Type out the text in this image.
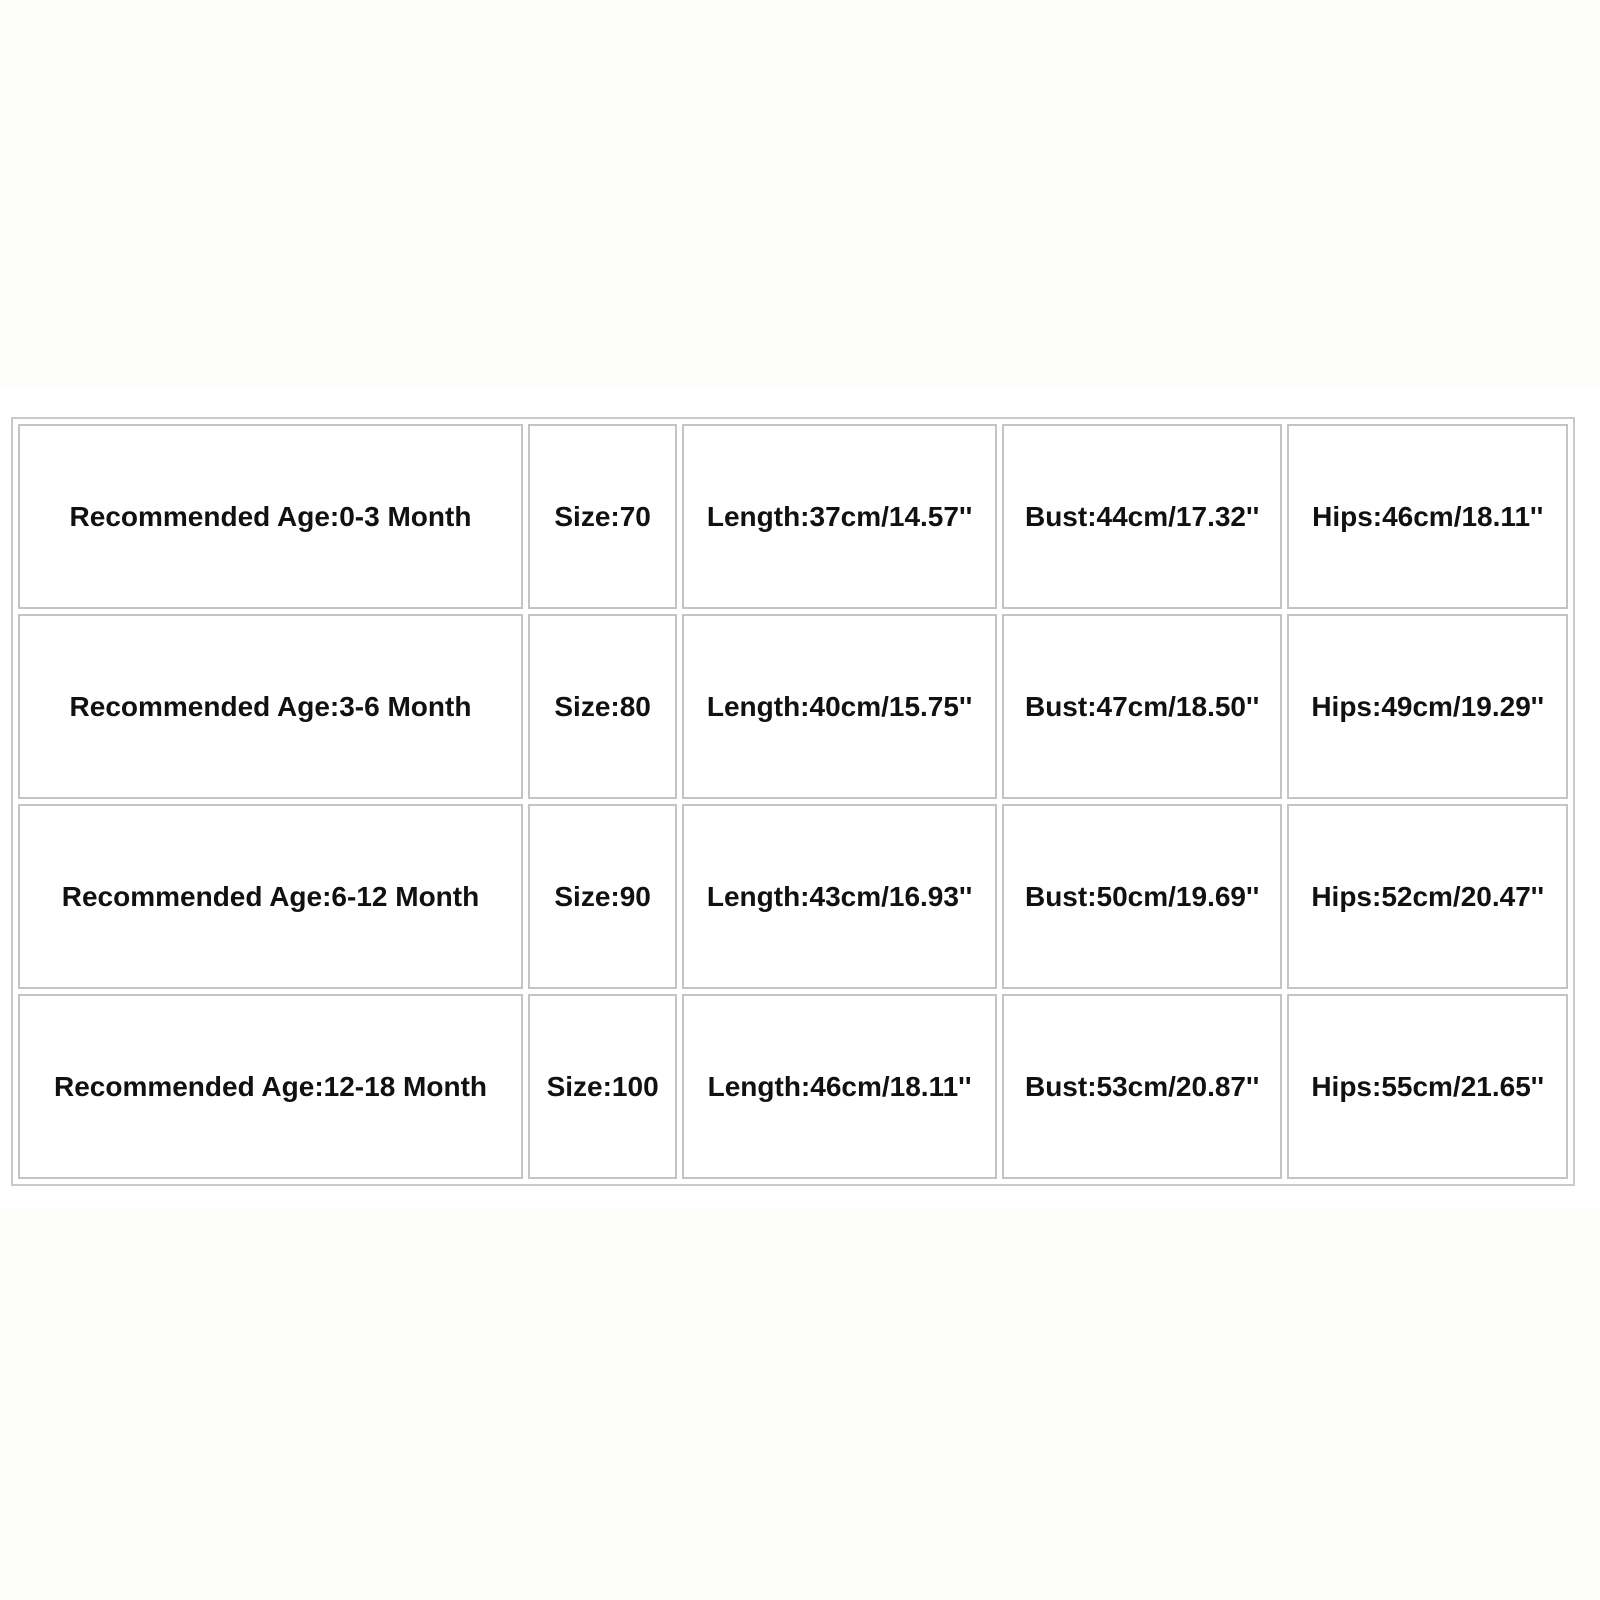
Recommended Age:0-3 Month	Size:70	Length:37cm/14.57''	Bust:44cm/17.32''	Hips:46cm/18.11''
Recommended Age:3-6 Month	Size:80	Length:40cm/15.75''	Bust:47cm/18.50''	Hips:49cm/19.29''
Recommended Age:6-12 Month	Size:90	Length:43cm/16.93''	Bust:50cm/19.69''	Hips:52cm/20.47''
Recommended Age:12-18 Month	Size:100	Length:46cm/18.11''	Bust:53cm/20.87''	Hips:55cm/21.65''
